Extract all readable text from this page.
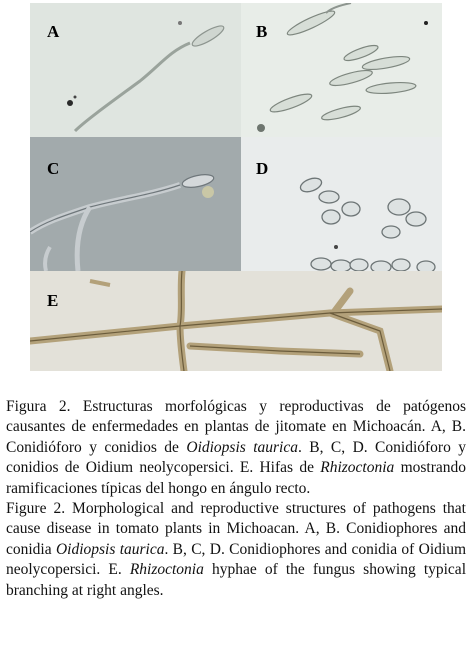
A	B
C	D
E

Figura 2. Estructuras morfológicas y reproductivas de patógenos causantes de enfermedades en plantas de jitomate en Michoacán. A, B. Conidióforo y conidios de Oidiopsis taurica. B, C, D. Conidióforo y conidios de Oidium neolycopersici. E. Hifas de Rhizoctonia mostrando ramificaciones típicas del hongo en ángulo recto.

Figure 2. Morphological and reproductive structures of pathogens that cause disease in tomato plants in Michoacan. A, B. Conidiophores and conidia Oidiopsis taurica. B, C, D. Conidiophores and conidia of Oidium neolycopersici. E. Rhizoctonia hyphae of the fungus showing typical branching at right angles.
